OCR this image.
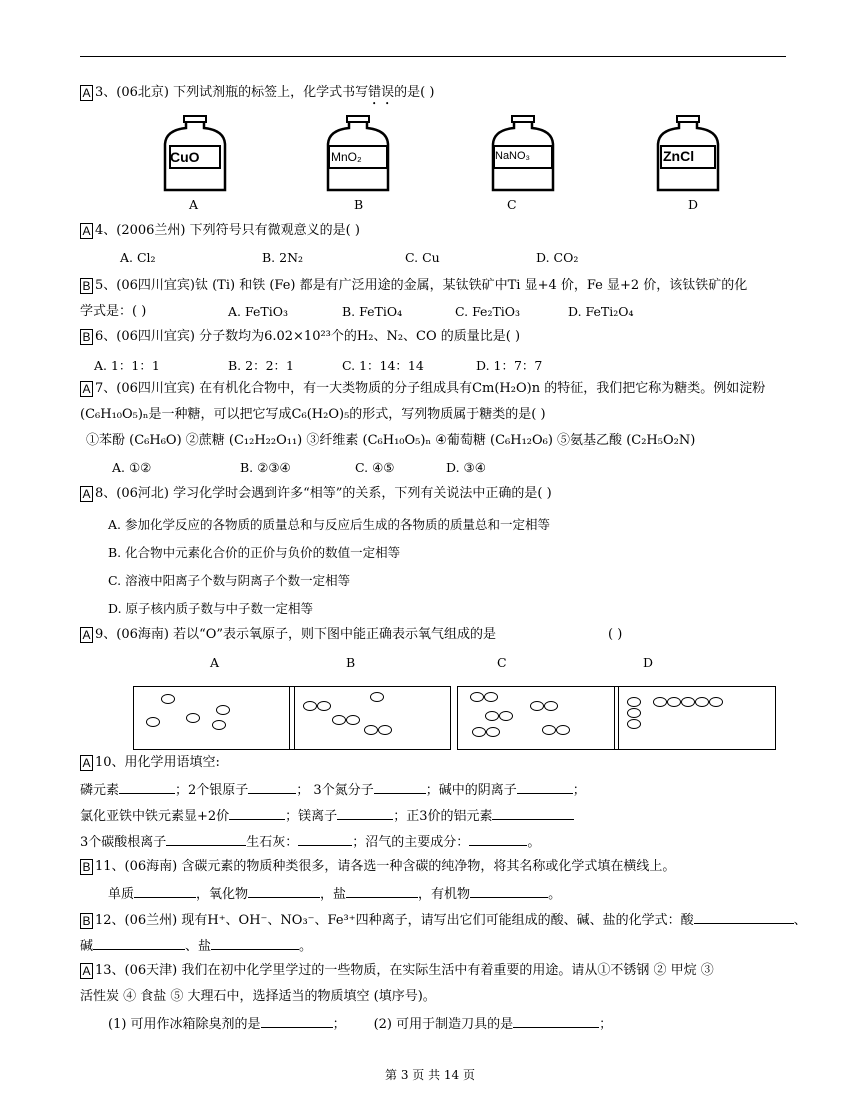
A 3、(06北京) 下列试剂瓶的标签上，化学式书写错误的是( )
CuO	MnO₂	NaNO₃	ZnCl
A	B	C	D
A 4、(2006兰州) 下列符号只有微观意义的是( )
A. Cl₂	B. 2N₂	C. Cu	D. CO₂
B 5、(06四川宜宾)钛 (Ti) 和铁 (Fe) 都是有广泛用途的金属，某钛铁矿中Ti 显+4 价，Fe 显+2 价，该钛铁矿的化
学式是：( )	A. FeTiO₃	B. FeTiO₄	C. Fe₂TiO₃	D. FeTi₂O₄
B 6、(06四川宜宾) 分子数均为6.02×10²³个的H₂、N₂、CO 的质量比是( )
A. 1：1：1	B. 2：2：1	C. 1：14：14	D. 1：7：7
A 7、(06四川宜宾) 在有机化合物中，有一大类物质的分子组成具有Cm(H₂O)n 的特征，我们把它称为糖类。例如淀粉
(C₆H₁₀O₅)ₙ是一种糖，可以把它写成C₆(H₂O)₅的形式，写列物质属于糖类的是( )
①苯酚 (C₆H₆O) ②蔗糖 (C₁₂H₂₂O₁₁) ③纤维素 (C₆H₁₀O₅)ₙ ④葡萄糖 (C₆H₁₂O₆) ⑤氨基乙酸 (C₂H₅O₂N)
A. ①②	B. ②③④	C. ④⑤	D. ③④
A 8、(06河北) 学习化学时会遇到许多“相等”的关系，下列有关说法中正确的是( )
A. 参加化学反应的各物质的质量总和与反应后生成的各物质的质量总和一定相等
B. 化合物中元素化合价的正价与负价的数值一定相等
C. 溶液中阳离子个数与阴离子个数一定相等
D. 原子核内质子数与中子数一定相等
A 9、(06海南) 若以“O”表示氧原子，则下图中能正确表示氧气组成的是	( )
A	B	C	D
A 10、用化学用语填空:
磷元素	；2个银原子	； 3个氮分子	；碱中的阴离子	；
氯化亚铁中铁元素显+2价	；镁离子	；正3价的铝元素
3个碳酸根离子	生石灰：	；沼气的主要成分：	。
B 11、(06海南) 含碳元素的物质种类很多，请各选一种含碳的纯净物，将其名称或化学式填在横线上。
单质	，氧化物	，盐	，有机物	。
B 12、(06兰州) 现有H⁺、OH⁻、NO₃⁻、Fe³⁺四种离子，请写出它们可能组成的酸、碱、盐的化学式：酸	、
碱	、盐	。
A 13、(06天津) 我们在初中化学里学过的一些物质，在实际生活中有着重要的用途。请从①不锈钢 ② 甲烷 ③
活性炭 ④ 食盐 ⑤ 大理石中，选择适当的物质填空 (填序号)。
(1) 可用作冰箱除臭剂的是	； (2) 可用于制造刀具的是	；
第 3 页 共 14 页
